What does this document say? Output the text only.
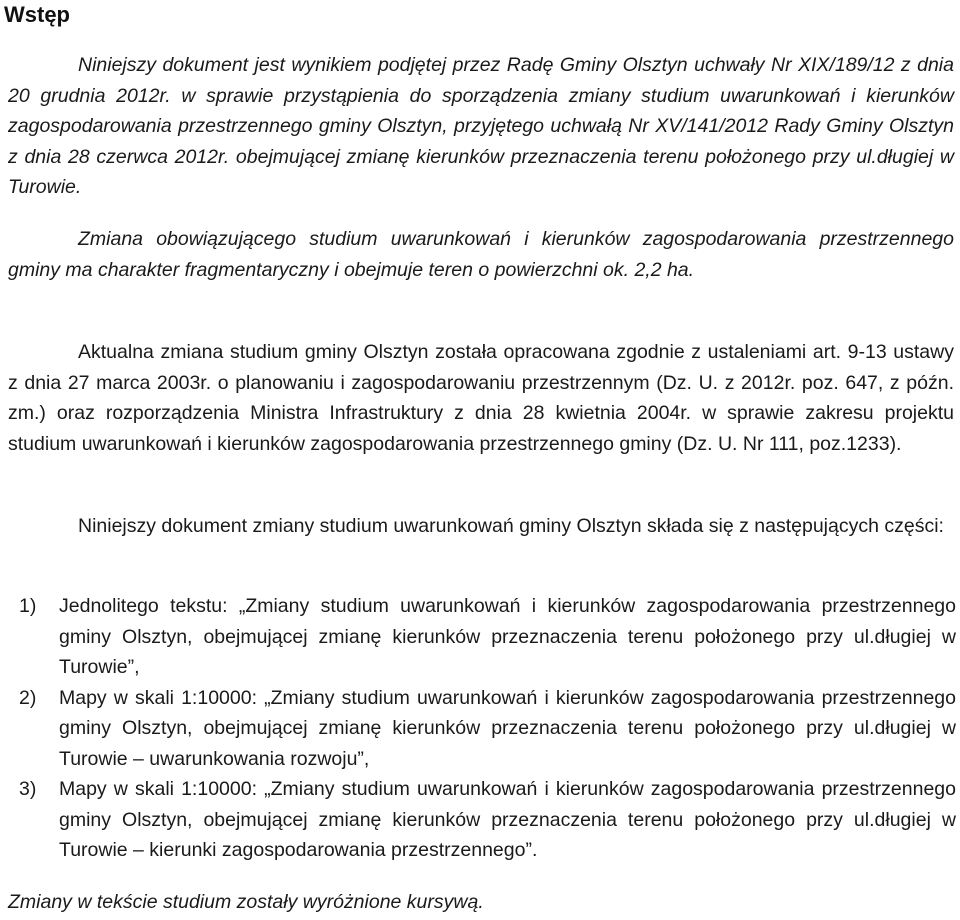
Wstęp

Niniejszy dokument jest wynikiem podjętej przez Radę Gminy Olsztyn uchwały Nr XIX/189/12 z dnia 20 grudnia 2012r. w sprawie przystąpienia do sporządzenia zmiany studium uwarunkowań i kierunków zagospodarowania przestrzennego gminy Olsztyn, przyjętego uchwałą Nr XV/141/2012 Rady Gminy Olsztyn z dnia 28 czerwca 2012r. obejmującej zmianę kierunków przeznaczenia terenu położonego przy ul.długiej w Turowie.

Zmiana obowiązującego studium uwarunkowań i kierunków zagospodarowania przestrzennego gminy ma charakter fragmentaryczny i obejmuje teren o powierzchni ok. 2,2 ha.

Aktualna zmiana studium gminy Olsztyn została opracowana zgodnie z ustaleniami art. 9-13 ustawy z dnia 27 marca 2003r. o planowaniu i zagospodarowaniu przestrzennym (Dz. U. z 2012r. poz. 647, z późn. zm.) oraz rozporządzenia Ministra Infrastruktury z dnia 28 kwietnia 2004r. w sprawie zakresu projektu studium uwarunkowań i kierunków zagospodarowania przestrzennego gminy (Dz. U. Nr 111, poz.1233).

Niniejszy dokument zmiany studium uwarunkowań gminy Olsztyn składa się z następujących części:

1) Jednolitego tekstu: „Zmiany studium uwarunkowań i kierunków zagospodarowania przestrzennego gminy Olsztyn, obejmującej zmianę kierunków przeznaczenia terenu położonego przy ul.długiej w Turowie”,
2) Mapy w skali 1:10000: „Zmiany studium uwarunkowań i kierunków zagospodarowania przestrzennego gminy Olsztyn, obejmującej zmianę kierunków przeznaczenia terenu położonego przy ul.długiej w Turowie – uwarunkowania rozwoju”,
3) Mapy w skali 1:10000: „Zmiany studium uwarunkowań i kierunków zagospodarowania przestrzennego gminy Olsztyn, obejmującej zmianę kierunków przeznaczenia terenu położonego przy ul.długiej w Turowie – kierunki zagospodarowania przestrzennego”.

Zmiany w tekście studium zostały wyróżnione kursywą.
